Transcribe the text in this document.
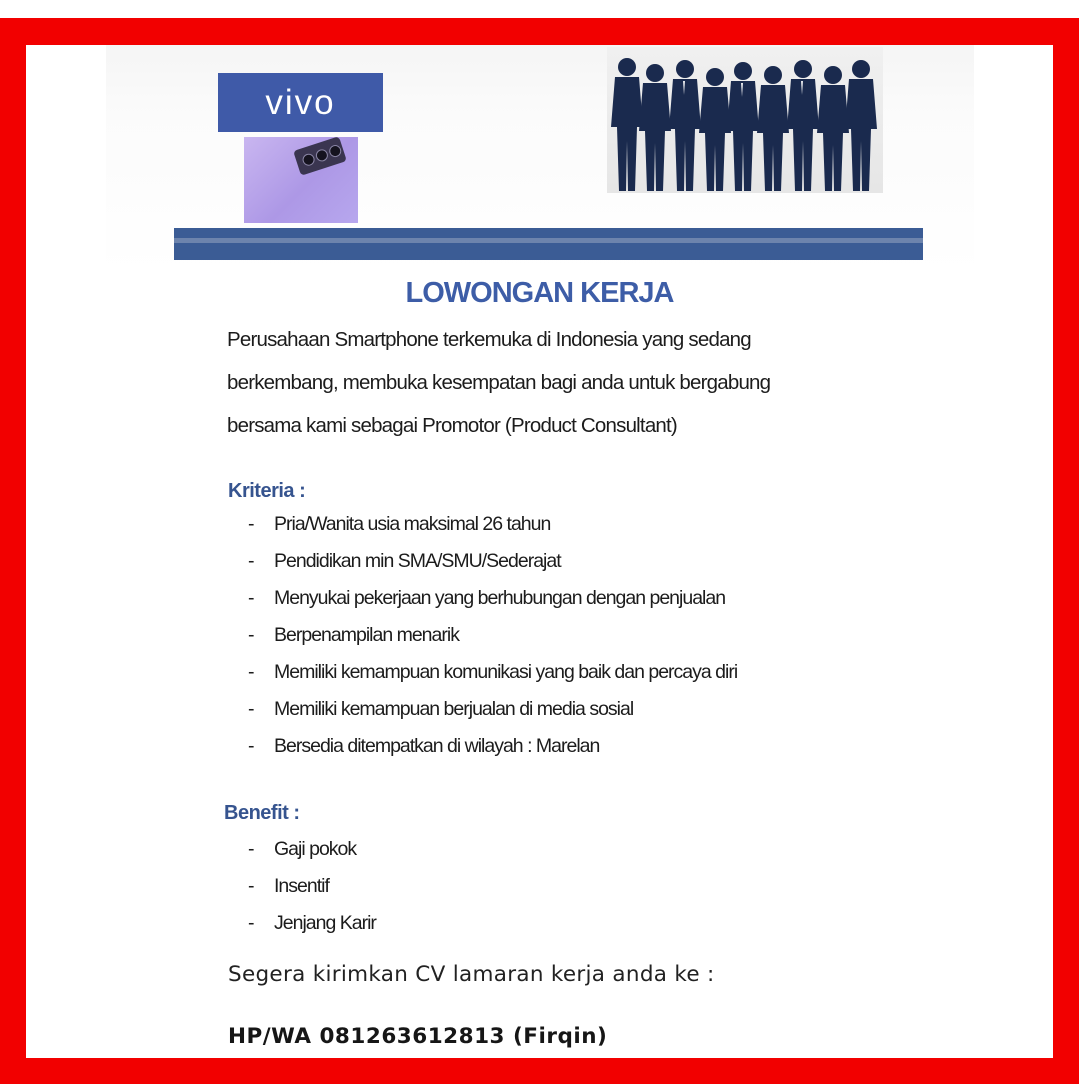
vivo
LOWONGAN KERJA
Perusahaan Smartphone terkemuka di Indonesia yang sedang
berkembang, membuka kesempatan bagi anda untuk bergabung
bersama kami sebagai Promotor (Product Consultant)
Kriteria :
- Pria/Wanita usia maksimal 26 tahun
- Pendidikan min SMA/SMU/Sederajat
- Menyukai pekerjaan yang berhubungan dengan penjualan
- Berpenampilan menarik
- Memiliki kemampuan komunikasi yang baik dan percaya diri
- Memiliki kemampuan berjualan di media sosial
- Bersedia ditempatkan di wilayah : Marelan
Benefit :
- Gaji pokok
- Insentif
- Jenjang Karir
Segera kirimkan CV lamaran kerja anda ke :
HP/WA 081263612813 (Firqin)
